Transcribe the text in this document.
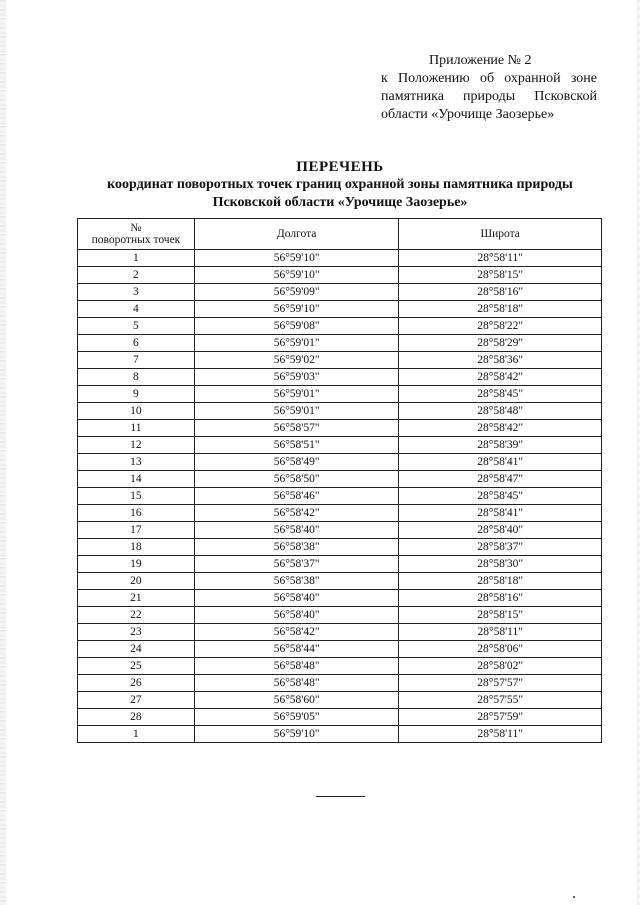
Приложение № 2
к Положению об охранной зоне
памятника природы Псковской
области «Урочище Заозерье»
ПЕРЕЧЕНЬ
координат поворотных точек границ охранной зоны памятника природы
Псковской области «Урочище Заозерье»
№
поворотных точек	Долгота	Широта
1	56°59'10"	28°58'11"
2	56°59'10"	28°58'15"
3	56°59'09"	28°58'16"
4	56°59'10"	28°58'18"
5	56°59'08"	28°58'22"
6	56°59'01"	28°58'29"
7	56°59'02"	28°58'36"
8	56°59'03"	28°58'42"
9	56°59'01"	28°58'45"
10	56°59'01"	28°58'48"
11	56°58'57"	28°58'42"
12	56°58'51"	28°58'39"
13	56°58'49"	28°58'41"
14	56°58'50"	28°58'47"
15	56°58'46"	28°58'45"
16	56°58'42"	28°58'41"
17	56°58'40"	28°58'40"
18	56°58'38"	28°58'37"
19	56°58'37"	28°58'30"
20	56°58'38"	28°58'18"
21	56°58'40"	28°58'16"
22	56°58'40"	28°58'15"
23	56°58'42"	28°58'11"
24	56°58'44"	28°58'06"
25	56°58'48"	28°58'02"
26	56°58'48"	28°57'57"
27	56°58'60"	28°57'55"
28	56°59'05"	28°57'59"
1	56°59'10"	28°58'11"
